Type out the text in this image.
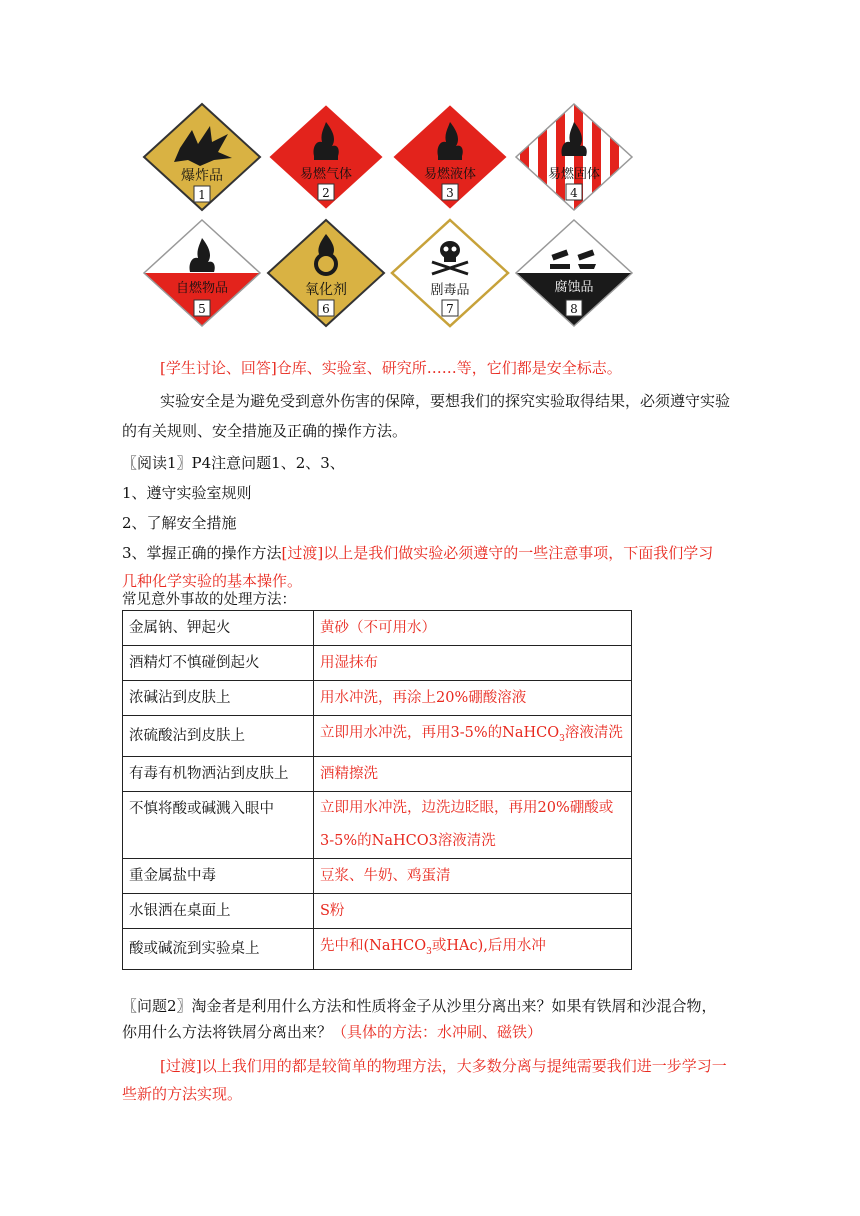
爆炸品
1
易燃气体
2
易燃液体
3
易燃固体
4
自燃物品
5
氧化剂
6
剧毒品
7
腐蚀品
8
[学生讨论、回答]仓库、实验室、研究所……等，它们都是安全标志。
实验安全是为避免受到意外伤害的保障，要想我们的探究实验取得结果，必须遵守实验
的有关规则、安全措施及正确的操作方法。
〖阅读1〗P4注意问题1、2、3、
1、遵守实验室规则
2、了解安全措施
3、掌握正确的操作方法[过渡]以上是我们做实验必须遵守的一些注意事项，下面我们学习
几种化学实验的基本操作。
常见意外事故的处理方法：
金属钠、钾起火	黄砂（不可用水）
酒精灯不慎碰倒起火	用湿抹布
浓碱沾到皮肤上	用水冲洗，再涂上20%硼酸溶液
浓硫酸沾到皮肤上	立即用水冲洗，再用3-5%的NaHCO$_3$溶液清洗
有毒有机物洒沾到皮肤上	酒精擦洗
不慎将酸或碱溅入眼中	立即用水冲洗，边洗边眨眼，再用20%硼酸或
3-5%的NaHCO3溶液清洗

重金属盐中毒	豆浆、牛奶、鸡蛋清
水银洒在桌面上	S粉
酸或碱流到实验桌上	先中和(NaHCO$_3$或HAc),后用水冲
〖问题2〗淘金者是利用什么方法和性质将金子从沙里分离出来？如果有铁屑和沙混合物，
你用什么方法将铁屑分离出来？（具体的方法：水冲刷、磁铁）
[过渡]以上我们用的都是较简单的物理方法，大多数分离与提纯需要我们进一步学习一
些新的方法实现。
